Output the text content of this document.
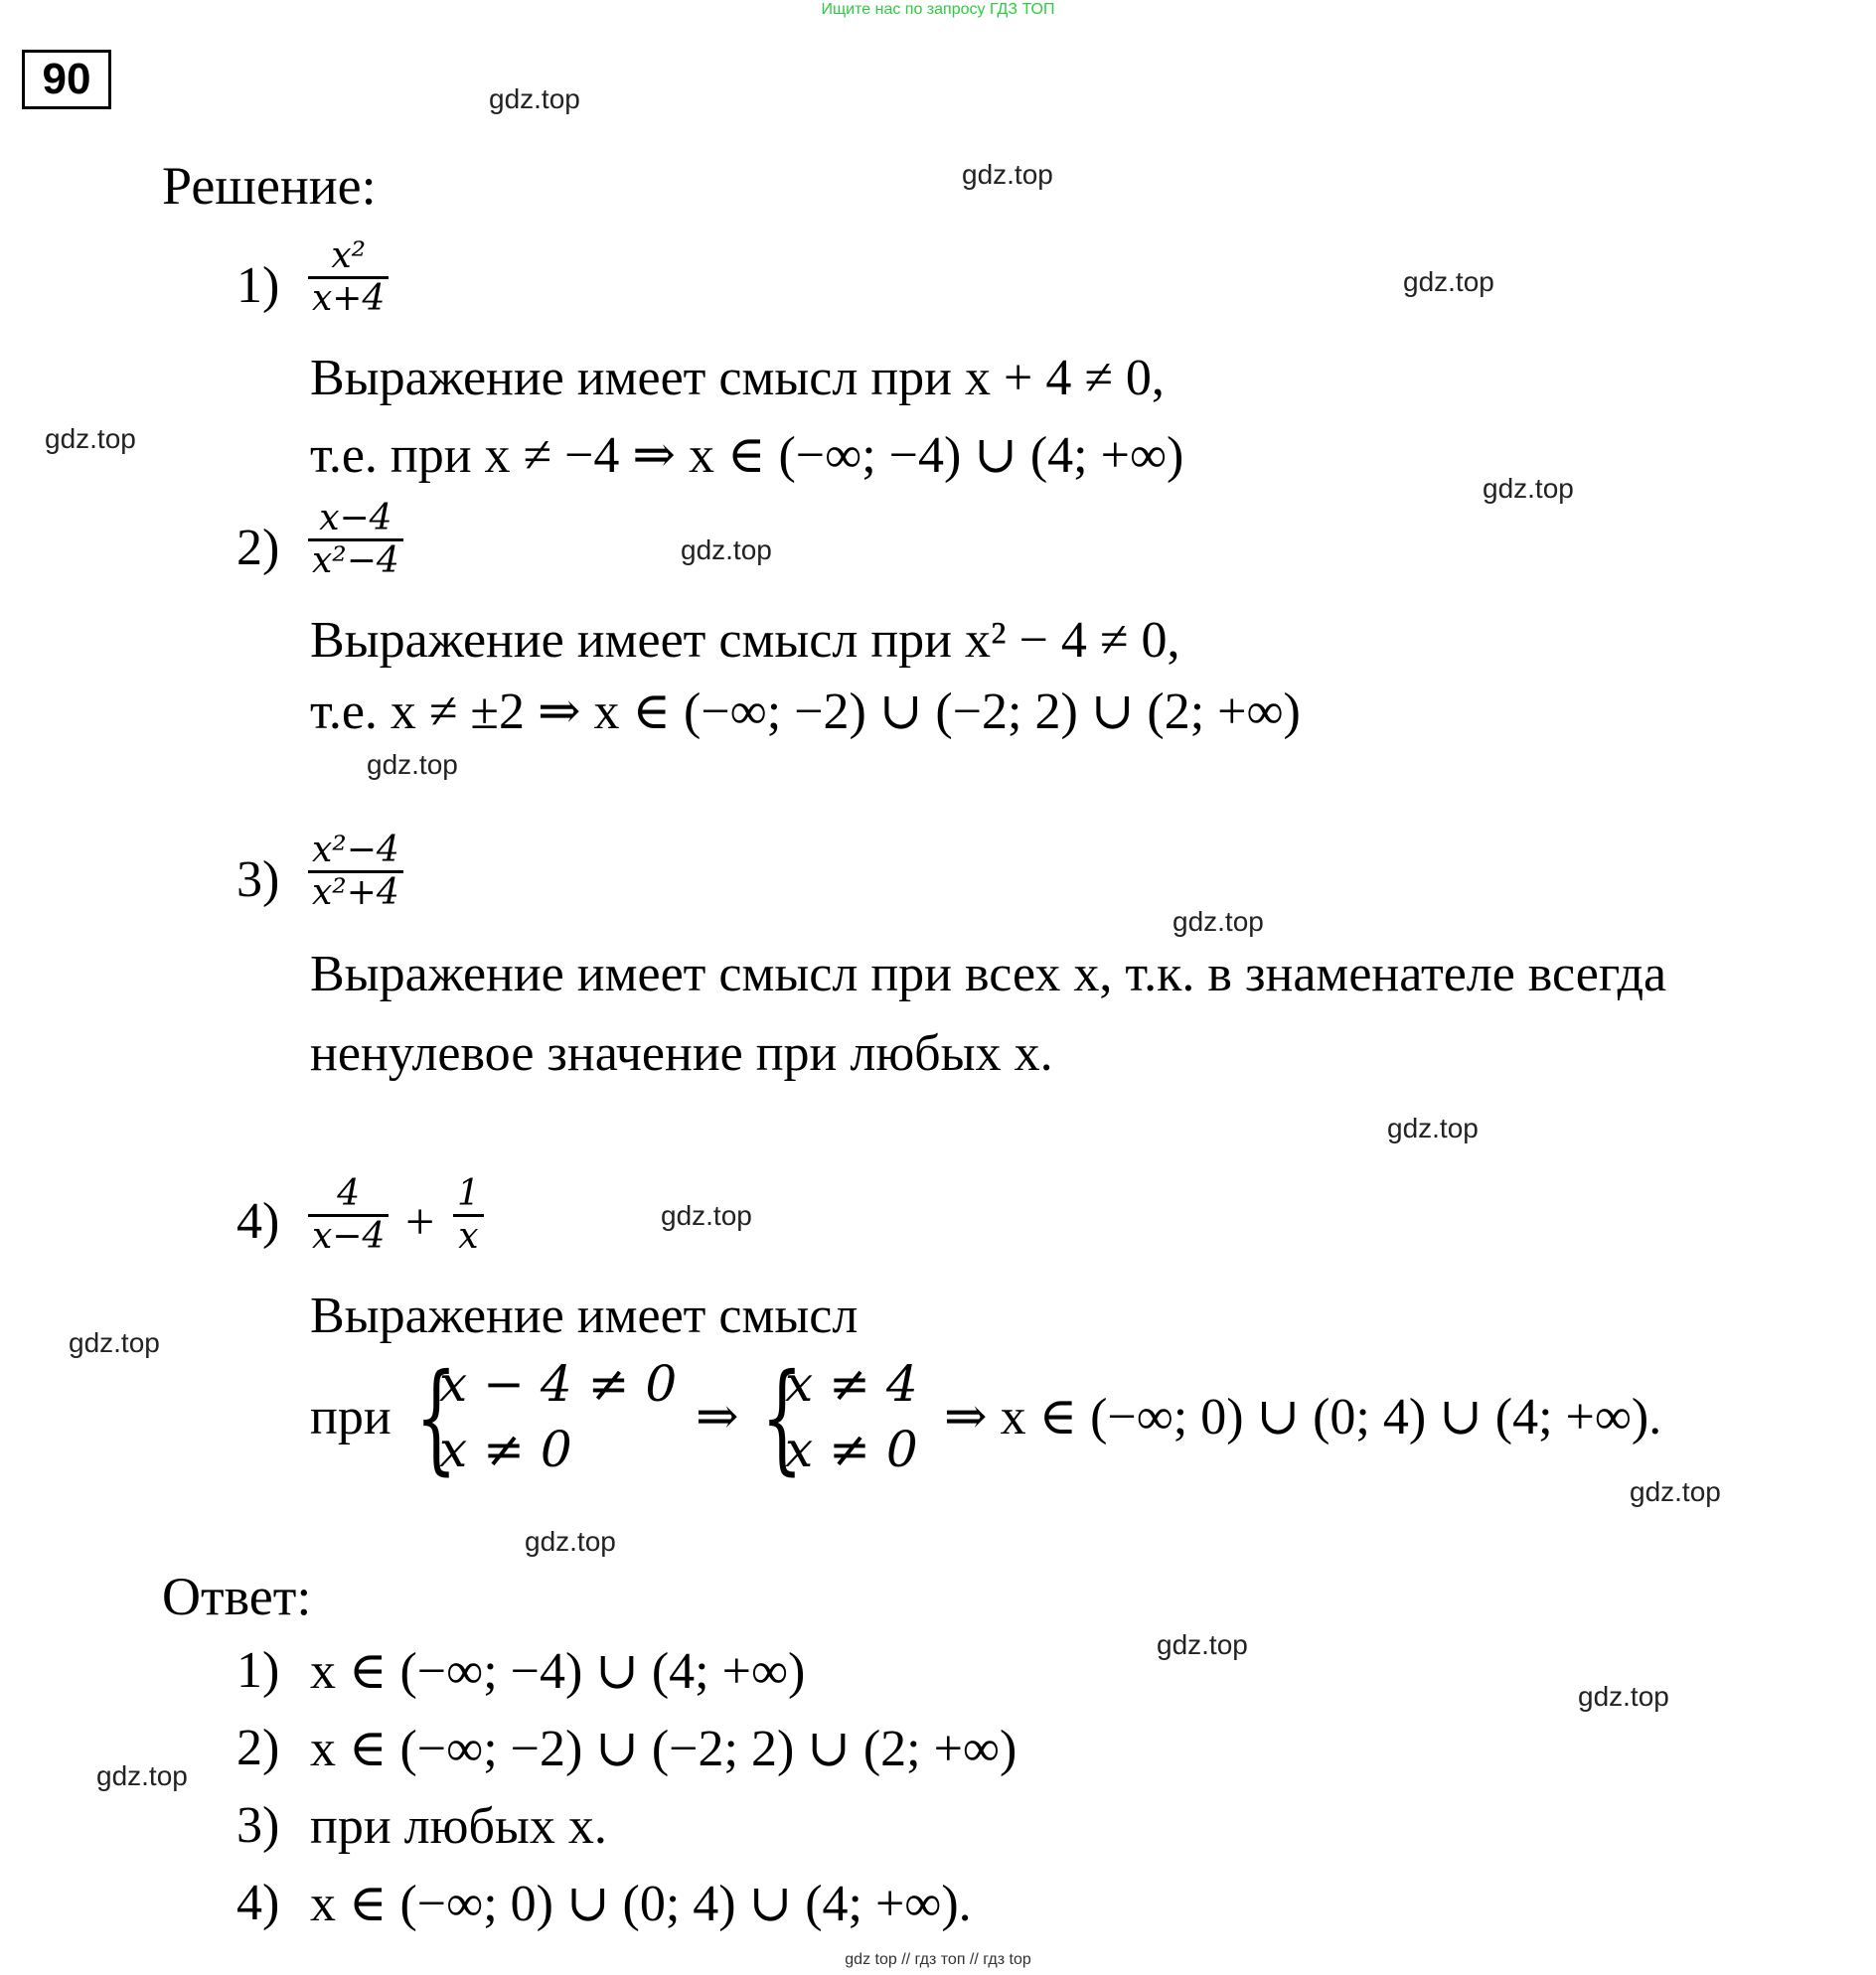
Ищите нас по запросу ГДЗ ТОП
90	gdz.top
gdz.top
gdz.top
gdz.top
gdz.top
gdz.top
gdz.top
gdz.top
gdz.top
gdz.top
gdz.top
gdz.top
gdz.top
gdz.top
gdz.top
gdz.top
Решение:
$1) \frac{\text{x²}}{x+4}$
Выражение имеет смысл при x + 4 ≠ 0,
т.е. при x ≠ −4 ⇒ x ∈ (−∞; −4) ∪ (4; +∞)
$2) \frac{x-4}{\text{x²−4}}$
Выражение имеет смысл при x² − 4 ≠ 0,
т.е. x ≠ ±2 ⇒ x ∈ (−∞; −2) ∪ (−2; 2) ∪ (2; +∞)
$3) \frac{\text{x²−4}}{\text{x²+4}}$
Выражение имеет смысл при всех x, т.к. в знаменателе всегда
ненулевое значение при любых x.
$4) \frac{4}{x-4} + \frac{1}{x}$
Выражение имеет смысл
при {
x − 4 ≠ 0
x ≠ 0
⇒ {
x ≠ 4
x ≠ 0
⇒ x ∈ (−∞; 0) ∪ (0; 4) ∪ (4; +∞).
Ответ:
1) x ∈ (−∞; −4) ∪ (4; +∞)
2) x ∈ (−∞; −2) ∪ (−2; 2) ∪ (2; +∞)
3) при любых x.
4) x ∈ (−∞; 0) ∪ (0; 4) ∪ (4; +∞).
gdz top // гдз топ // гдз top
